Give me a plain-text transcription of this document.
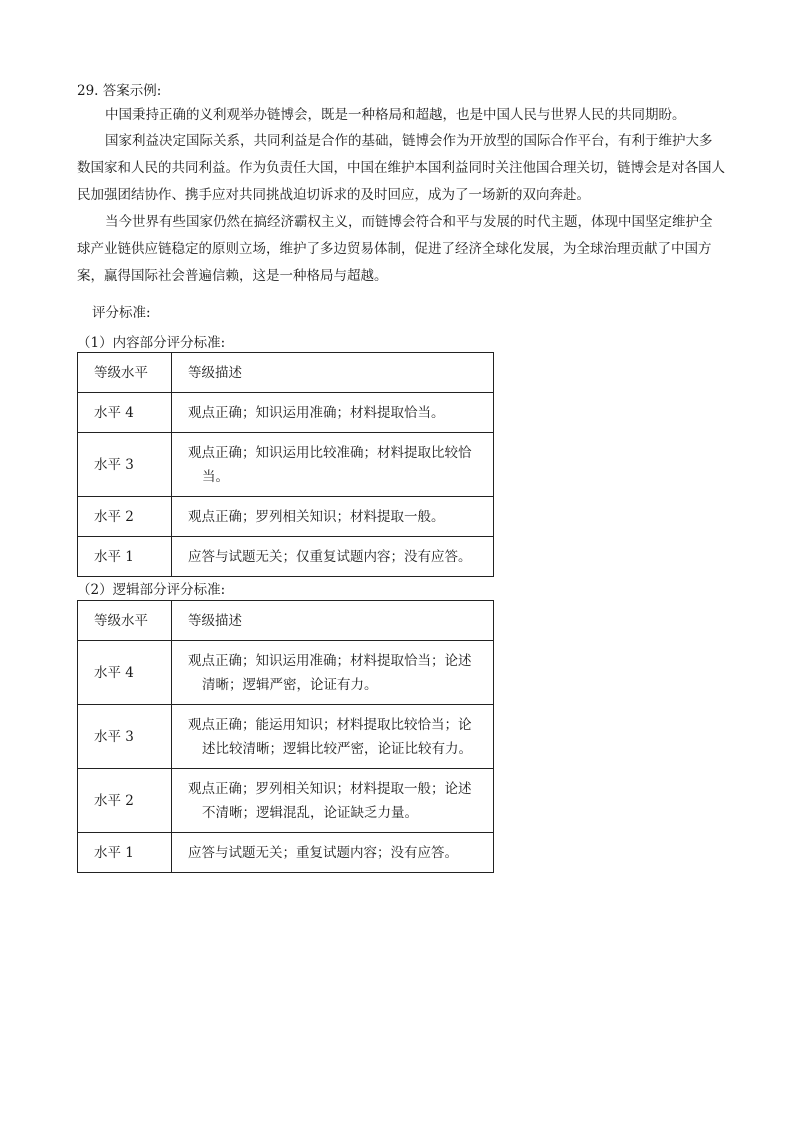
29. 答案示例:
中国秉持正确的义利观举办链博会，既是一种格局和超越，也是中国人民与世界人民的共同期盼。
国家利益决定国际关系，共同利益是合作的基础，链博会作为开放型的国际合作平台，有利于维护大多数国家和人民的共同利益。作为负责任大国，中国在维护本国利益同时关注他国合理关切，链博会是对各国人民加强团结协作、携手应对共同挑战迫切诉求的及时回应，成为了一场新的双向奔赴。
当今世界有些国家仍然在搞经济霸权主义，而链博会符合和平与发展的时代主题，体现中国坚定维护全球产业链供应链稳定的原则立场，维护了多边贸易体制，促进了经济全球化发展，为全球治理贡献了中国方案，赢得国际社会普遍信赖，这是一种格局与超越。
评分标准:
（1）内容部分评分标准:
等级水平	等级描述
水平 4	观点正确；知识运用准确；材料提取恰当。

水平 3	观点正确；知识运用比较准确；材料提取比较恰
当。

水平 2	观点正确；罗列相关知识；材料提取一般。

水平 1	应答与试题无关；仅重复试题内容；没有应答。
（2）逻辑部分评分标准:
等级水平	等级描述
水平 4	观点正确；知识运用准确；材料提取恰当；论述
清晰；逻辑严密，论证有力。

水平 3	观点正确；能运用知识；材料提取比较恰当；论
述比较清晰；逻辑比较严密，论证比较有力。

水平 2	观点正确；罗列相关知识；材料提取一般；论述
不清晰；逻辑混乱，论证缺乏力量。

水平 1	应答与试题无关；重复试题内容；没有应答。
